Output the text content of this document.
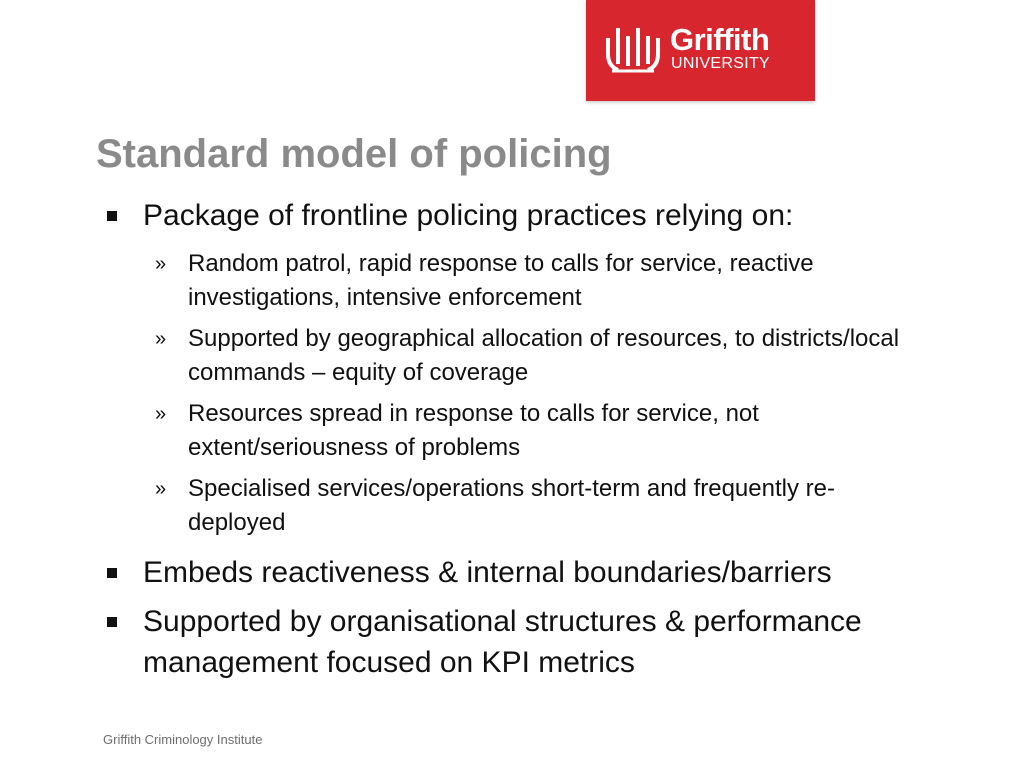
Griffith
UNIVERSITY
Standard model of policing
Package of frontline policing practices relying on:
» Random patrol, rapid response to calls for service, reactive investigations, intensive enforcement
» Supported by geographical allocation of resources, to districts/local commands – equity of coverage
» Resources spread in response to calls for service, not extent/seriousness of problems
» Specialised services/operations short-term and frequently re-deployed
Embeds reactiveness & internal boundaries/barriers
Supported by organisational structures & performance management focused on KPI metrics
Griffith Criminology Institute
